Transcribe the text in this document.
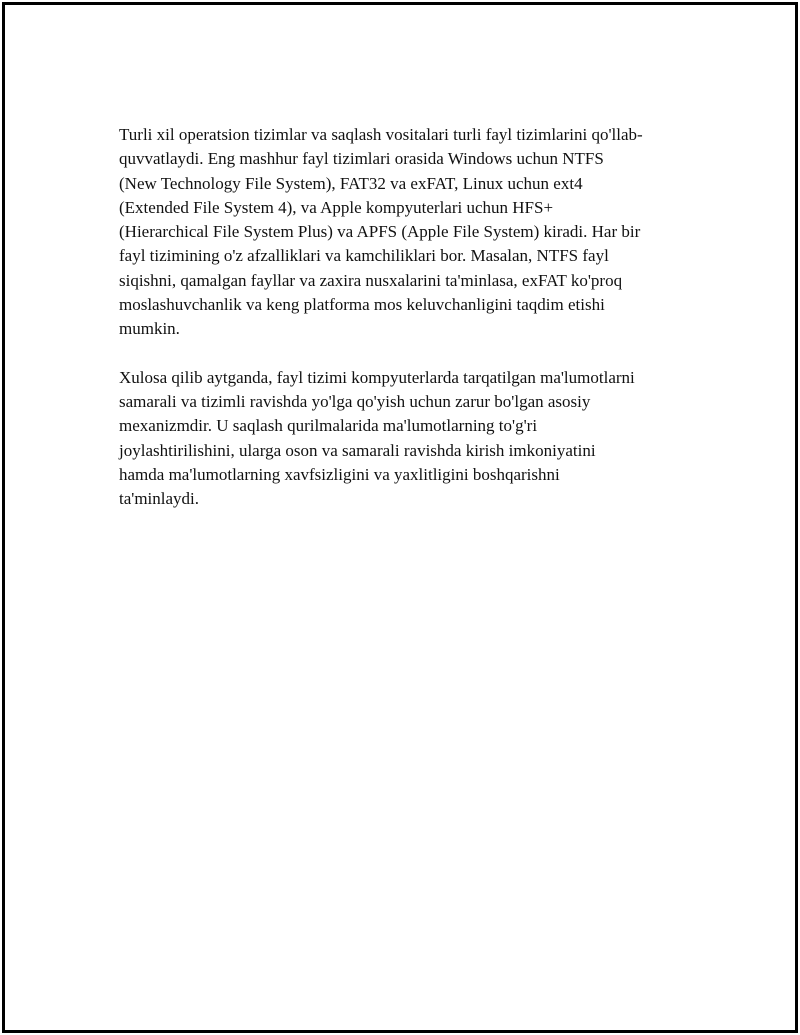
Turli xil operatsion tizimlar va saqlash vositalari turli fayl tizimlarini qo'llab-
quvvatlaydi. Eng mashhur fayl tizimlari orasida Windows uchun NTFS
(New Technology File System), FAT32 va exFAT, Linux uchun ext4
(Extended File System 4), va Apple kompyuterlari uchun HFS+
(Hierarchical File System Plus) va APFS (Apple File System) kiradi. Har bir
fayl tizimining o'z afzalliklari va kamchiliklari bor. Masalan, NTFS fayl
siqishni, qamalgan fayllar va zaxira nusxalarini ta'minlasa, exFAT ko'proq
moslashuvchanlik va keng platforma mos keluvchanligini taqdim etishi
mumkin.

Xulosa qilib aytganda, fayl tizimi kompyuterlarda tarqatilgan ma'lumotlarni
samarali va tizimli ravishda yo'lga qo'yish uchun zarur bo'lgan asosiy
mexanizmdir. U saqlash qurilmalarida ma'lumotlarning to'g'ri
joylashtirilishini, ularga oson va samarali ravishda kirish imkoniyatini
hamda ma'lumotlarning xavfsizligini va yaxlitligini boshqarishni
ta'minlaydi.
